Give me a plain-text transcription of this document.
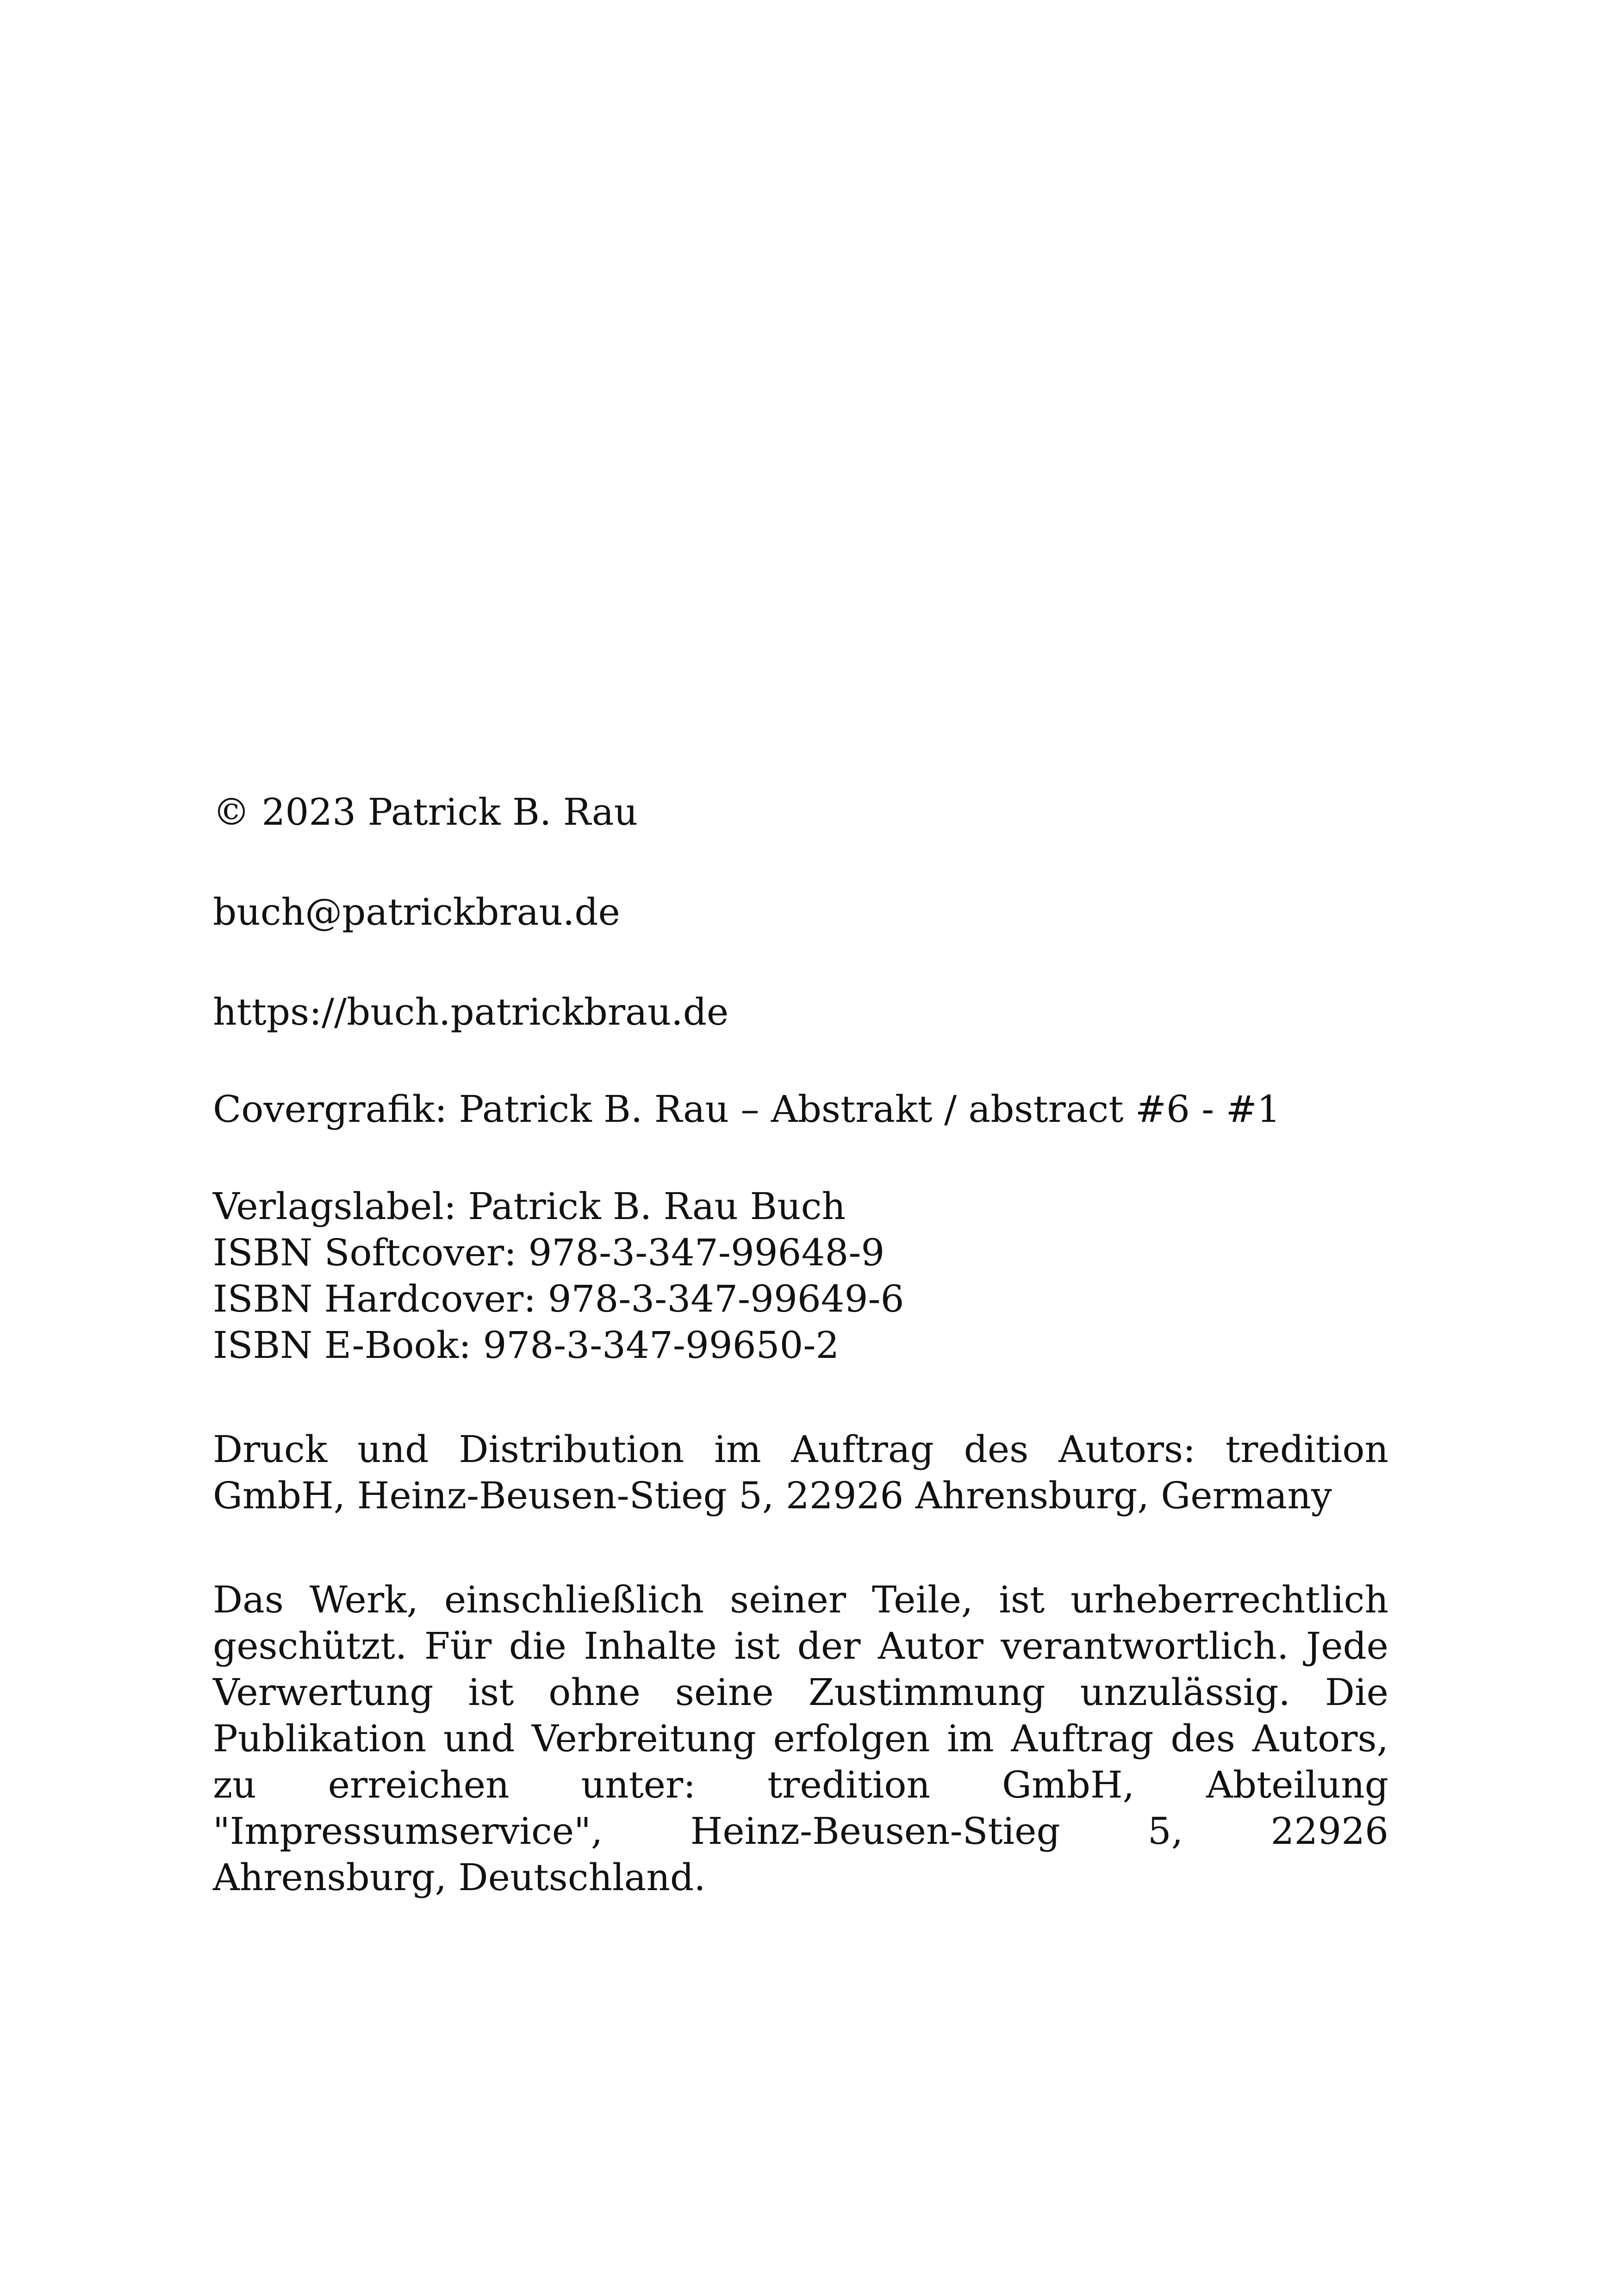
© 2023 Patrick B. Rau
buch@patrickbrau.de
https://buch.patrickbrau.de
Covergrafik: Patrick B. Rau – Abstrakt / abstract #6 - #1
Verlagslabel: Patrick B. Rau Buch
ISBN Softcover: 978-3-347-99648-9
ISBN Hardcover: 978-3-347-99649-6
ISBN E-Book: 978-3-347-99650-2

Druck und Distribution im Auftrag des Autors: tredition GmbH, Heinz-Beusen-Stieg 5, 22926 Ahrensburg, Germany

Das Werk, einschließlich seiner Teile, ist urheberrechtlich geschützt. Für die Inhalte ist der Autor verantwortlich. Jede Verwertung ist ohne seine Zustimmung unzulässig. Die Publikation und Verbreitung erfolgen im Auftrag des Autors, zu erreichen unter: tredition GmbH, Abteilung "Impressumservice", Heinz-Beusen-Stieg 5, 22926 Ahrensburg, Deutschland.
